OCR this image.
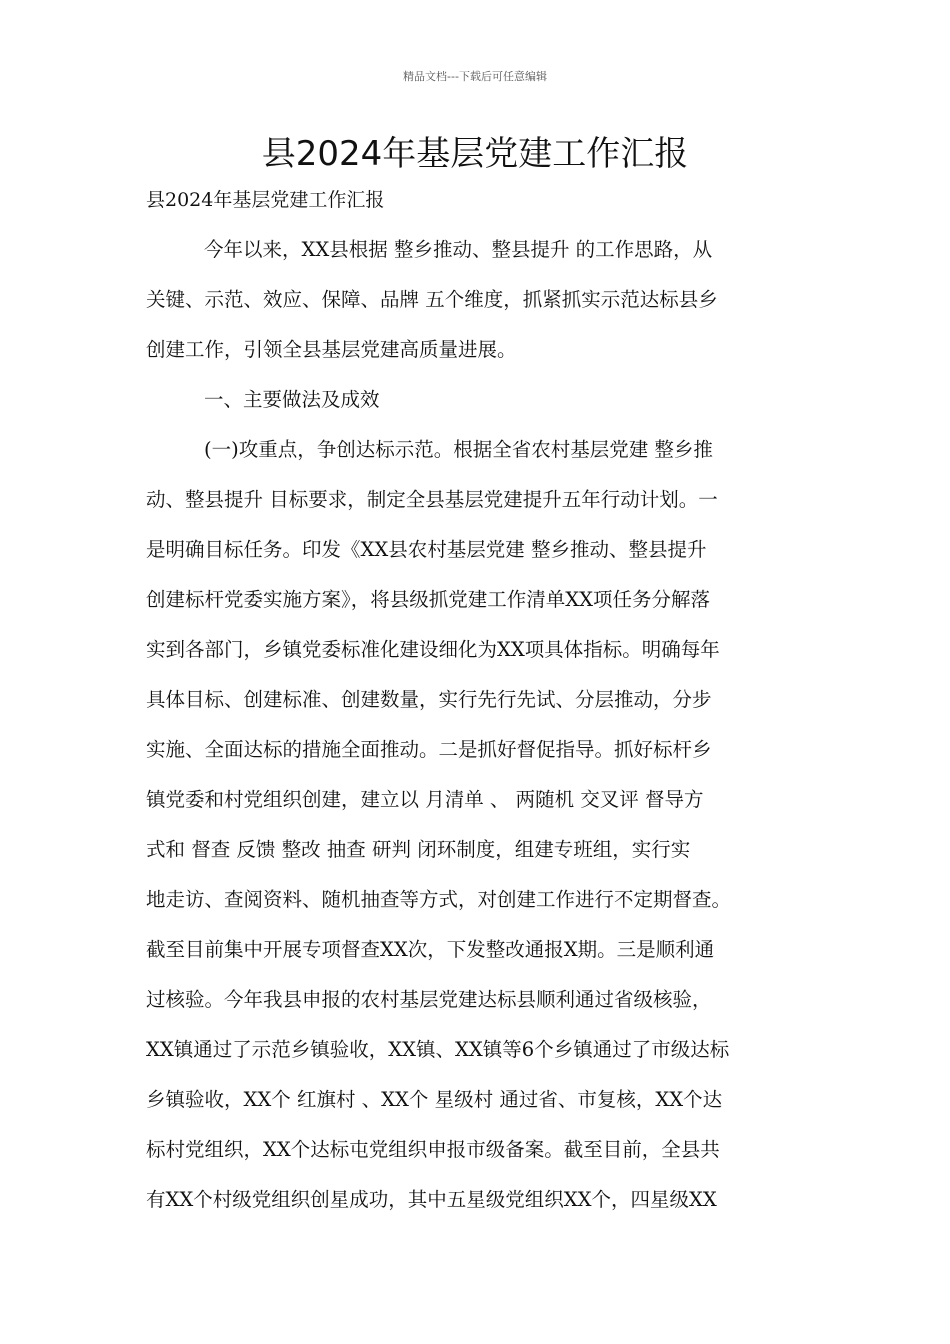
精品文档---下载后可任意编辑
县2024年基层党建工作汇报
县2024年基层党建工作汇报
今年以来，XX县根据 整乡推动、整县提升 的工作思路，从
关键、示范、效应、保障、品牌 五个维度，抓紧抓实示范达标县乡
创建工作，引领全县基层党建高质量进展。
一、主要做法及成效
(一)攻重点，争创达标示范。根据全省农村基层党建 整乡推
动、整县提升 目标要求，制定全县基层党建提升五年行动计划。一
是明确目标任务。印发《XX县农村基层党建 整乡推动、整县提升
创建标杆党委实施方案》，将县级抓党建工作清单XX项任务分解落
实到各部门，乡镇党委标准化建设细化为XX项具体指标。明确每年
具体目标、创建标准、创建数量，实行先行先试、分层推动，分步
实施、全面达标的措施全面推动。二是抓好督促指导。抓好标杆乡
镇党委和村党组织创建，建立以 月清单 、 两随机 交叉评 督导方
式和 督查 反馈 整改 抽查 研判 闭环制度，组建专班组，实行实
地走访、查阅资料、随机抽查等方式，对创建工作进行不定期督查。
截至目前集中开展专项督查XX次，下发整改通报X期。三是顺利通
过核验。今年我县申报的农村基层党建达标县顺利通过省级核验，
XX镇通过了示范乡镇验收，XX镇、XX镇等6个乡镇通过了市级达标
乡镇验收，XX个 红旗村 、XX个 星级村 通过省、市复核，XX个达
标村党组织，XX个达标屯党组织申报市级备案。截至目前，全县共
有XX个村级党组织创星成功，其中五星级党组织XX个，四星级XX
